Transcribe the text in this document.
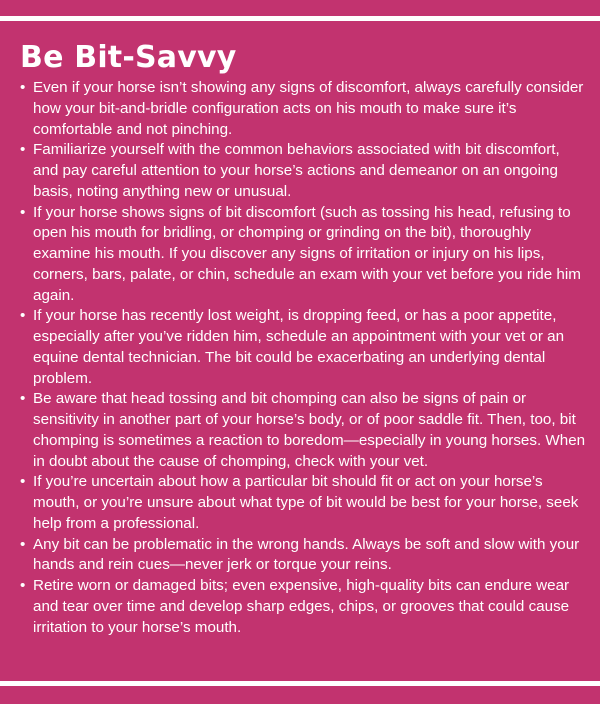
Be Bit-Savvy
• Even if your horse isn’t showing any signs of discomfort, always carefully consider how your bit-and-bridle configuration acts on his mouth to make sure it’s comfortable and not pinching.
• Familiarize yourself with the common behaviors associated with bit discomfort, and pay careful attention to your horse’s actions and demeanor on an ongoing basis, noting anything new or unusual.
• If your horse shows signs of bit discomfort (such as tossing his head, refusing to open his mouth for bridling, or chomping or grinding on the bit), thoroughly examine his mouth. If you discover any signs of irritation or injury on his lips, corners, bars, palate, or chin, schedule an exam with your vet before you ride him again.
• If your horse has recently lost weight, is dropping feed, or has a poor appetite, especially after you’ve ridden him, schedule an appointment with your vet or an equine dental technician. The bit could be exacerbating an underlying dental problem.
• Be aware that head tossing and bit chomping can also be signs of pain or sensitivity in another part of your horse’s body, or of poor saddle fit. Then, too, bit chomping is sometimes a reaction to boredom—especially in young horses. When in doubt about the cause of chomping, check with your vet.
• If you’re uncertain about how a particular bit should fit or act on your horse’s mouth, or you’re unsure about what type of bit would be best for your horse, seek help from a professional.
• Any bit can be problematic in the wrong hands. Always be soft and slow with your hands and rein cues—never jerk or torque your reins.
• Retire worn or damaged bits; even expensive, high-quality bits can endure wear and tear over time and develop sharp edges, chips, or grooves that could cause irritation to your horse’s mouth.
